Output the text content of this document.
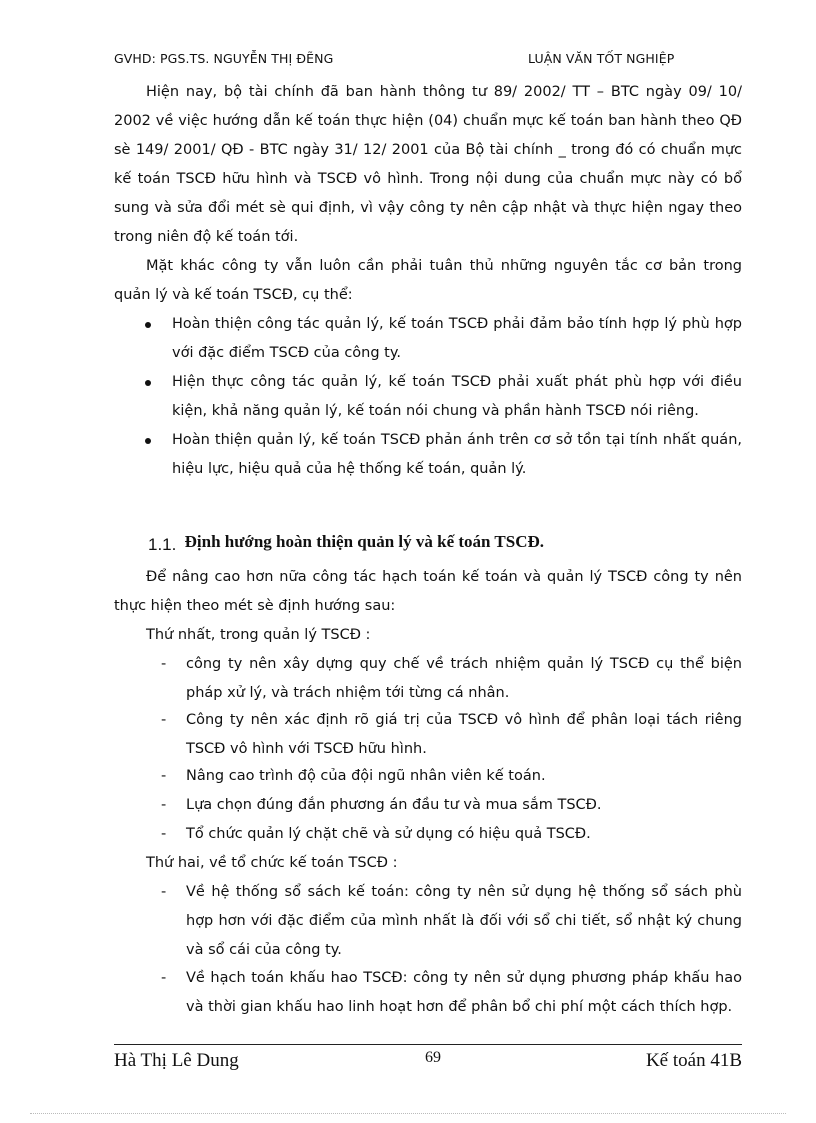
GVHD: PGS.TS. NGUYỄN THỊ ĐẼNG	LUẬN VĂN TỐT NGHIỆP

Hiện nay, bộ tài chính đã ban hành thông tư 89/ 2002/ TT – BTC ngày 09/ 10/ 2002 về việc hướng dẫn kế toán thực hiện (04) chuẩn mực kế toán ban hành theo QĐ sè 149/ 2001/ QĐ - BTC ngày 31/ 12/ 2001 của Bộ tài chính _ trong đó có chuẩn mực kế toán TSCĐ hữu hình và TSCĐ vô hình. Trong nội dung của chuẩn mực này có bổ sung và sửa đổi mét sè qui định, vì vậy công ty nên cập nhật và thực hiện ngay theo trong niên độ kế toán tới.

Mặt khác công ty vẫn luôn cần phải tuân thủ những nguyên tắc cơ bản trong quản lý và kế toán TSCĐ, cụ thể:

Hoàn thiện công tác quản lý, kế toán TSCĐ phải đảm bảo tính hợp lý phù hợp với đặc điểm TSCĐ của công ty.
Hiện thực công tác quản lý, kế toán TSCĐ phải xuất phát phù hợp với điều kiện, khả năng quản lý, kế toán nói chung và phần hành TSCĐ nói riêng.
Hoàn thiện quản lý, kế toán TSCĐ phản ánh trên cơ sở tồn tại tính nhất quán, hiệu lực, hiệu quả của hệ thống kế toán, quản lý.
1.1. Định hướng hoàn thiện quản lý và kế toán TSCĐ.

Để nâng cao hơn nữa công tác hạch toán kế toán và quản lý TSCĐ công ty nên thực hiện theo mét sè định hướng sau:

Thứ nhất, trong quản lý TSCĐ :
- công ty nên xây dựng quy chế về trách nhiệm quản lý TSCĐ cụ thể biện pháp xử lý, và trách nhiệm tới từng cá nhân.
- Công ty nên xác định rõ giá trị của TSCĐ vô hình để phân loại tách riêng TSCĐ vô hình với TSCĐ hữu hình.
- Nâng cao trình độ của đội ngũ nhân viên kế toán.
- Lựa chọn đúng đắn phương án đầu tư và mua sắm TSCĐ.
- Tổ chức quản lý chặt chẽ và sử dụng có hiệu quả TSCĐ.
Thứ hai, về tổ chức kế toán TSCĐ :
- Về hệ thống sổ sách kế toán: công ty nên sử dụng hệ thống sổ sách phù hợp hơn với đặc điểm của mình nhất là đối với sổ chi tiết, sổ nhật ký chung và sổ cái của công ty.
- Về hạch toán khấu hao TSCĐ: công ty nên sử dụng phương pháp khấu hao và thời gian khấu hao linh hoạt hơn để phân bổ chi phí một cách thích hợp.
Hà Thị Lê Dung	69	Kế toán 41B
